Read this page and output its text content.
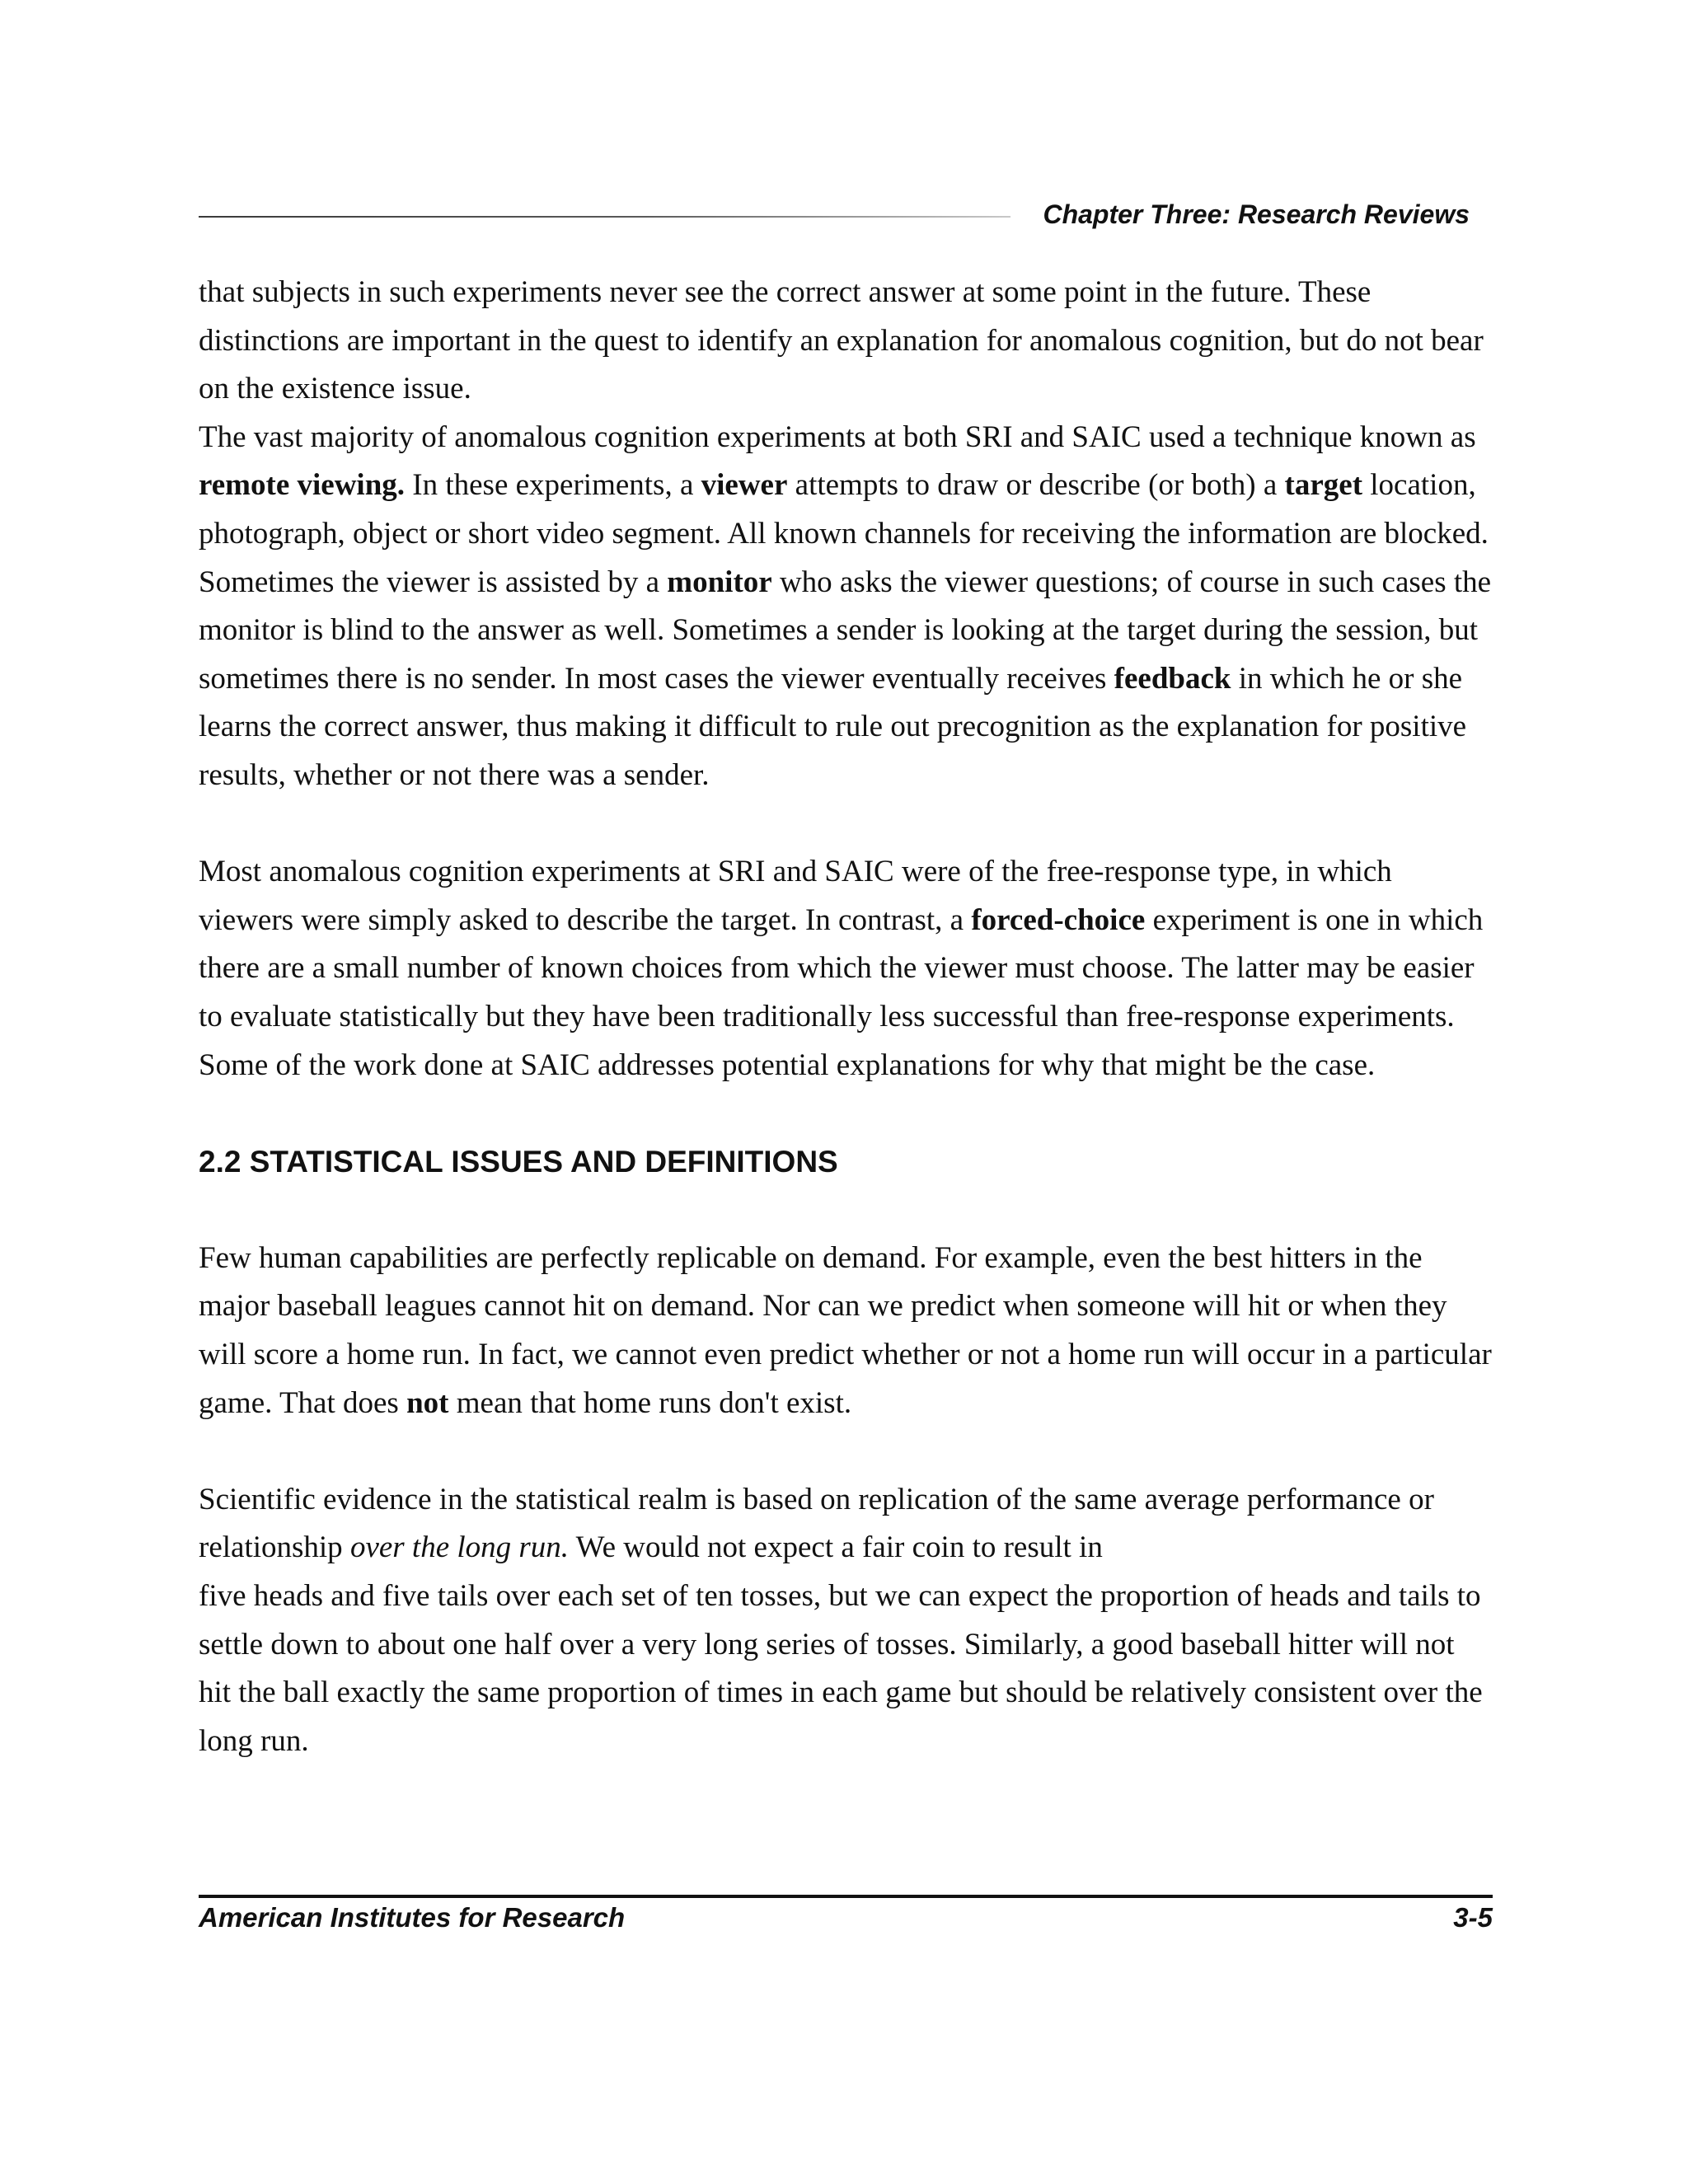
Chapter Three: Research Reviews

that subjects in such experiments never see the correct answer at some point in the future. These distinctions are important in the quest to identify an explanation for anomalous cognition, but do not bear on the existence issue.

The vast majority of anomalous cognition experiments at both SRI and SAIC used a technique known as remote viewing. In these experiments, a viewer attempts to draw or describe (or both) a target location, photograph, object or short video segment. All known channels for receiving the information are blocked. Sometimes the viewer is assisted by a monitor who asks the viewer questions; of course in such cases the monitor is blind to the answer as well. Sometimes a sender is looking at the target during the session, but sometimes there is no sender. In most cases the viewer eventually receives feedback in which he or she learns the correct answer, thus making it difficult to rule out precognition as the explanation for positive results, whether or not there was a sender.

Most anomalous cognition experiments at SRI and SAIC were of the free-response type, in which viewers were simply asked to describe the target. In contrast, a forced-choice experiment is one in which there are a small number of known choices from which the viewer must choose. The latter may be easier to evaluate statistically but they have been traditionally less successful than free-response experiments. Some of the work done at SAIC addresses potential explanations for why that might be the case.

2.2 STATISTICAL ISSUES AND DEFINITIONS

Few human capabilities are perfectly replicable on demand. For example, even the best hitters in the major baseball leagues cannot hit on demand. Nor can we predict when someone will hit or when they will score a home run. In fact, we cannot even predict whether or not a home run will occur in a particular game. That does not mean that home runs don't exist.

Scientific evidence in the statistical realm is based on replication of the same average performance or relationship over the long run. We would not expect a fair coin to result in
five heads and five tails over each set of ten tosses, but we can expect the proportion of heads and tails to settle down to about one half over a very long series of tosses. Similarly, a good baseball hitter will not hit the ball exactly the same proportion of times in each game but should be relatively consistent over the long run.

American Institutes for Research	3-5
